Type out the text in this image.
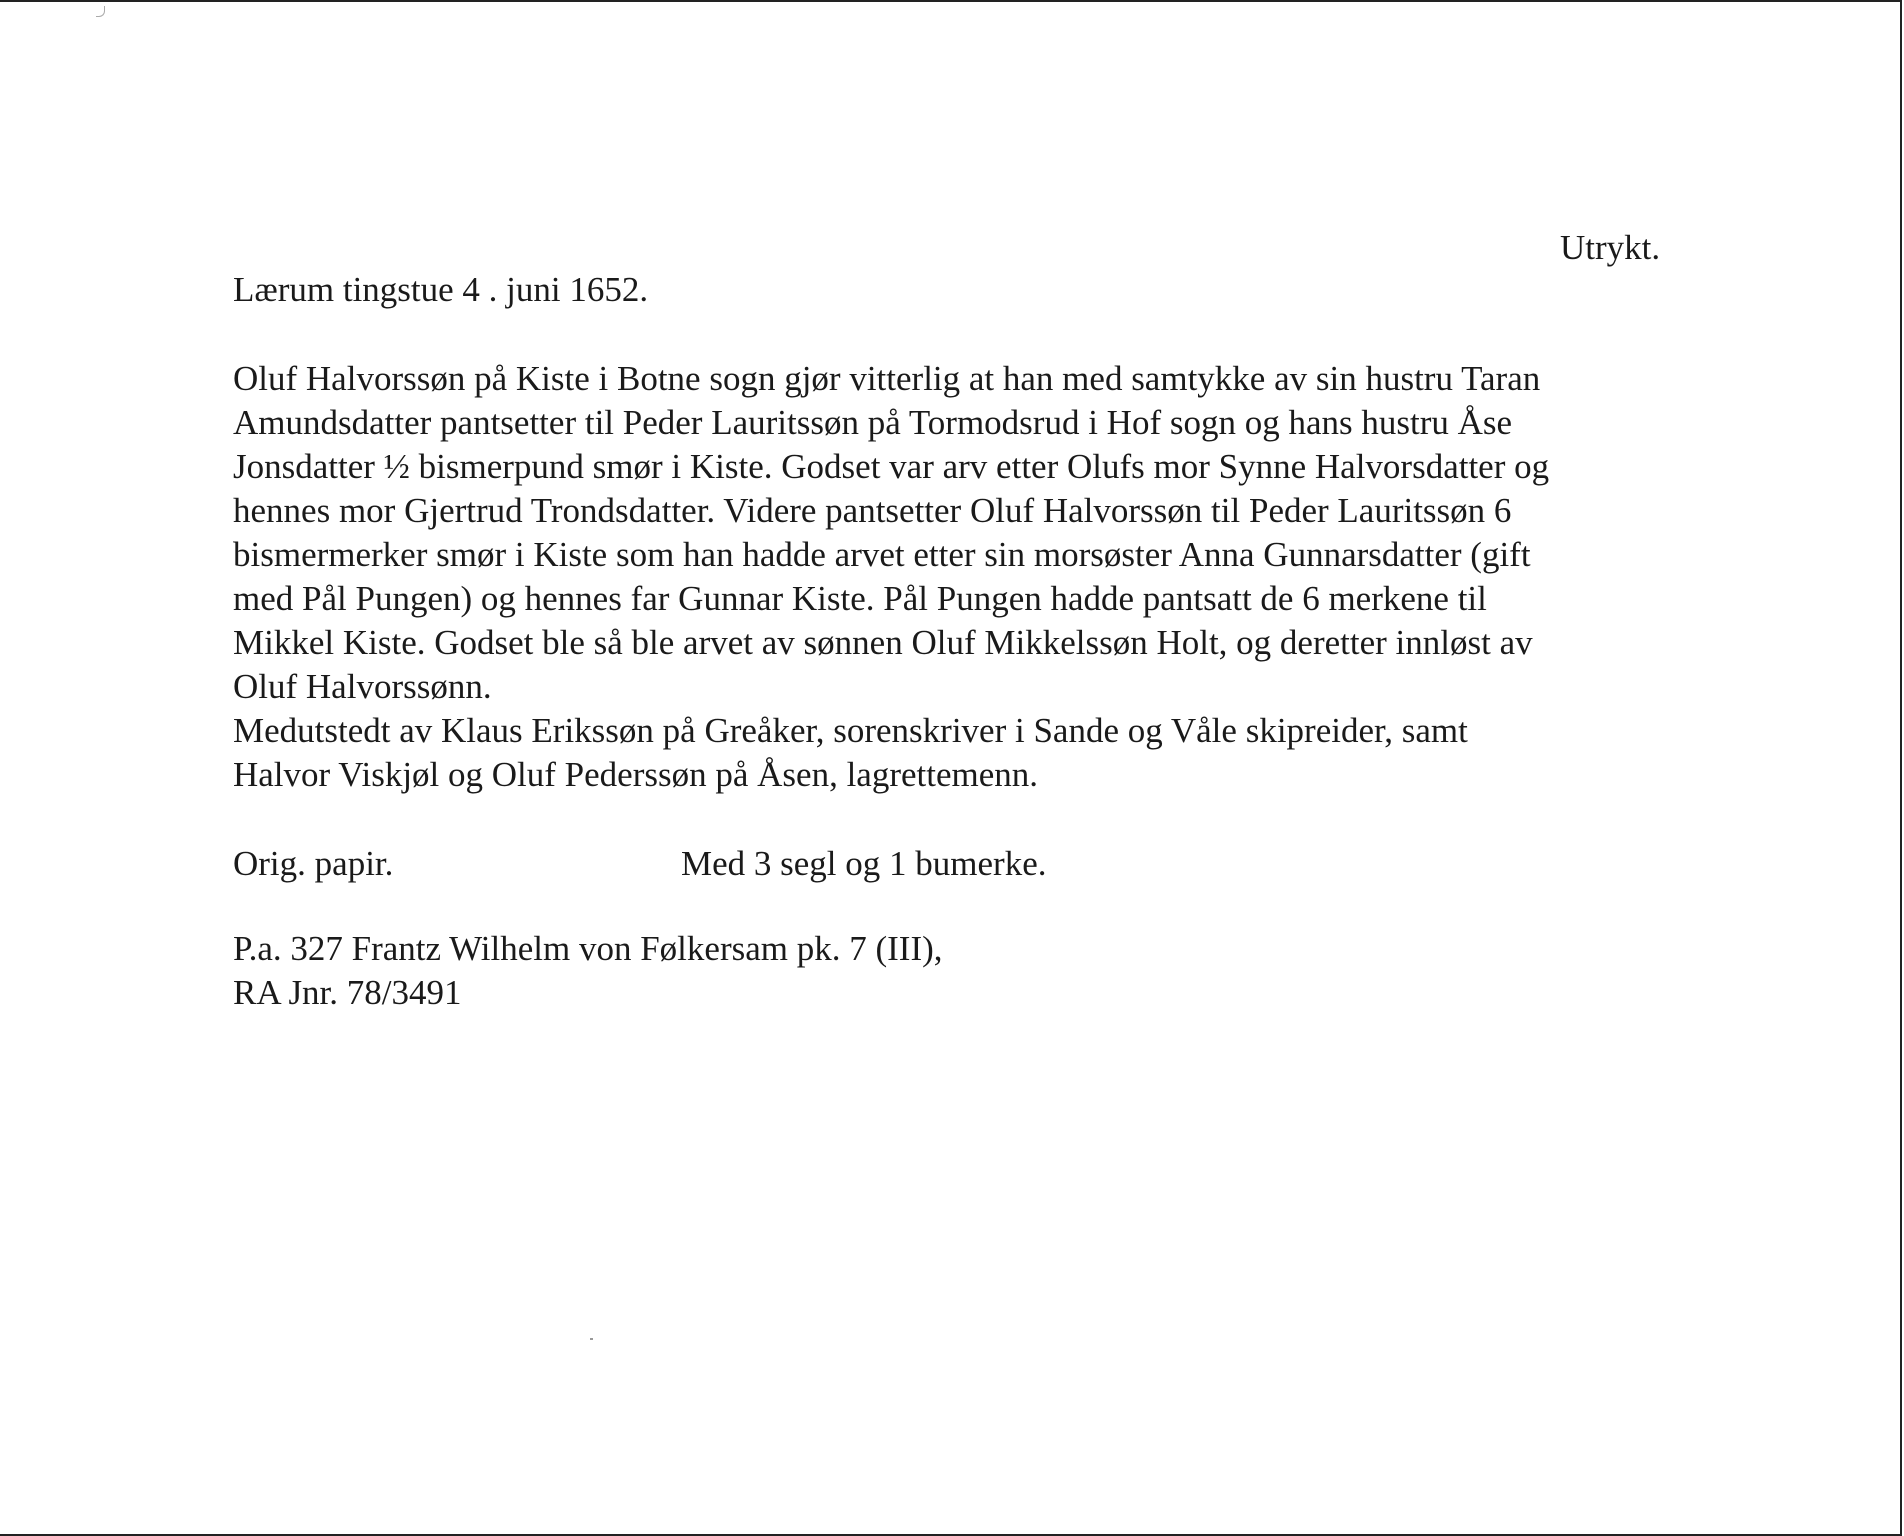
Utrykt.

Lærum tingstue 4 . juni 1652.

Oluf Halvorssøn på Kiste i Botne sogn gjør vitterlig at han med samtykke av sin hustru Taran
Amundsdatter pantsetter til Peder Lauritssøn på Tormodsrud i Hof sogn og hans hustru Åse
Jonsdatter ½ bismerpund smør i Kiste. Godset var arv etter Olufs mor Synne Halvorsdatter og
hennes mor Gjertrud Trondsdatter. Videre pantsetter Oluf Halvorssøn til Peder Lauritssøn 6
bismermerker smør i Kiste som han hadde arvet etter sin morsøster Anna Gunnarsdatter (gift
med Pål Pungen) og hennes far Gunnar Kiste. Pål Pungen hadde pantsatt de 6 merkene til
Mikkel Kiste. Godset ble så ble arvet av sønnen Oluf Mikkelssøn Holt, og deretter innløst av
Oluf Halvorssønn.
Medutstedt av Klaus Erikssøn på Greåker, sorenskriver i Sande og Våle skipreider, samt
Halvor Viskjøl og Oluf Pederssøn på Åsen, lagrettemenn.

Orig. papir.	Med 3 segl og 1 bumerke.

P.a. 327 Frantz Wilhelm von Følkersam pk. 7 (III),

RA Jnr. 78/3491
